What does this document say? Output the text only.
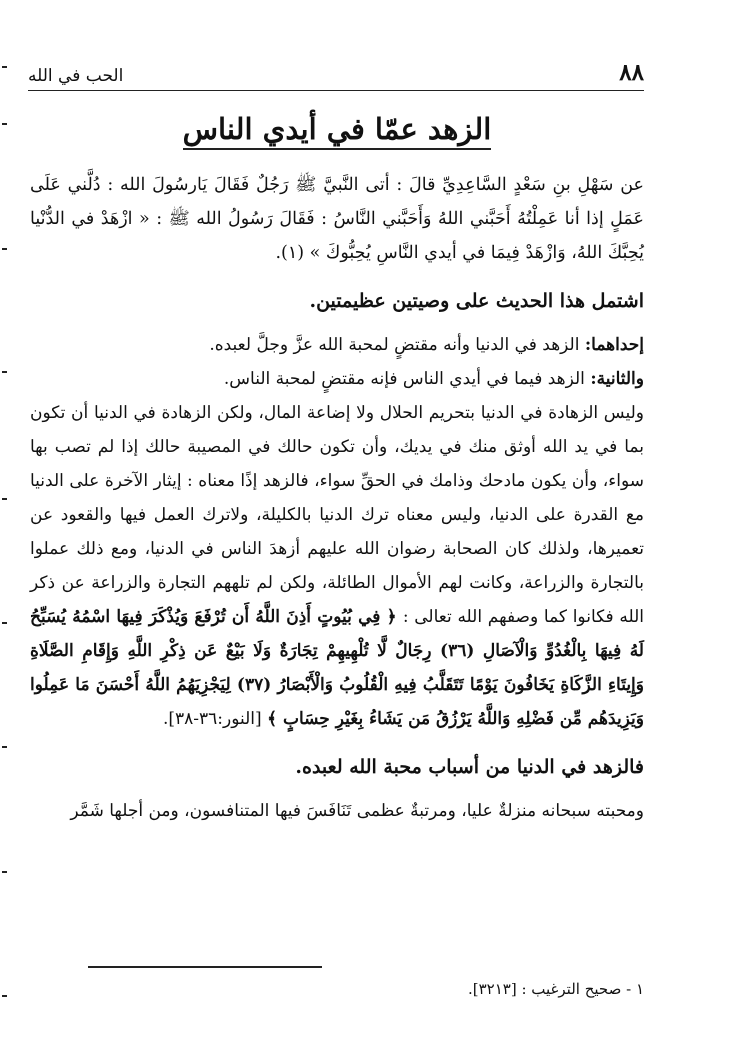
٨٨
الحب في الله
الزهد عمّا في أيدي الناس

عن سَهْلِ بنِ سَعْدٍ السَّاعِدِيِّ قالَ : أتى النَّبيَّ ﷺ رَجُلٌ فَقَالَ يَارسُولَ الله : دُلَّني عَلَى عَمَلٍ إذا أنا عَمِلْتُهُ أَحَبَّني اللهُ وَأَحَبَّني النَّاسُ : فَقَالَ رَسُولُ الله ﷺ : « ازْهَدْ في الدُّنْيا يُحِبَّكَ اللهُ، وَازْهَدْ فِيمَا في أيدي النَّاسِ يُحِبُّوكَ » (١).

اشتمل هذا الحديث على وصيتين عظيمتين.

إحداهما: الزهد في الدنيا وأنه مقتضٍ لمحبة الله عزَّ وجلَّ لعبده.

والثانية: الزهد فيما في أيدي الناس فإنه مقتضٍ لمحبة الناس.

وليس الزهادة في الدنيا بتحريم الحلال ولا إضاعة المال، ولكن الزهادة في الدنيا أن تكون بما في يد الله أوثق منك في يديك، وأن تكون حالك في المصيبة حالك إذا لم تصب بها سواء، وأن يكون مادحك وذامك في الحقِّ سواء، فالزهد إذًا معناه : إيثار الآخرة على الدنيا مع القدرة على الدنيا، وليس معناه ترك الدنيا بالكليلة، ولاترك العمل فيها والقعود عن تعميرها، ولذلك كان الصحابة رضوان الله عليهم أزهدَ الناس في الدنيا، ومع ذلك عملوا بالتجارة والزراعة، وكانت لهم الأموال الطائلة، ولكن لم تلههم التجارة والزراعة عن ذكر الله فكانوا كما وصفهم الله تعالى : ﴿ فِي بُيُوتٍ أَذِنَ اللَّهُ أَن تُرْفَعَ وَيُذْكَرَ فِيهَا اسْمُهُ يُسَبِّحُ لَهُ فِيهَا بِالْغُدُوِّ وَالْآصَالِ (٣٦) رِجَالٌ لَّا تُلْهِيهِمْ تِجَارَةٌ وَلَا بَيْعٌ عَن ذِكْرِ اللَّهِ وَإِقَامِ الصَّلَاةِ وَإِيتَاءِ الزَّكَاةِ يَخَافُونَ يَوْمًا تَتَقَلَّبُ فِيهِ الْقُلُوبُ وَالْأَبْصَارُ (٣٧) لِيَجْزِيَهُمُ اللَّهُ أَحْسَنَ مَا عَمِلُوا وَيَزِيدَهُم مِّن فَضْلِهِ وَاللَّهُ يَرْزُقُ مَن يَشَاءُ بِغَيْرِ حِسَابٍ ﴾ [النور:٣٦-٣٨].

فالزهد في الدنيا من أسباب محبة الله لعبده.

ومحبته سبحانه منزلةٌ عليا، ومرتبةٌ عظمى تَنَافَسَ فيها المتنافسون، ومن أجلها شَمَّر

١ - صحيح الترغيب : [٣٢١٣].
